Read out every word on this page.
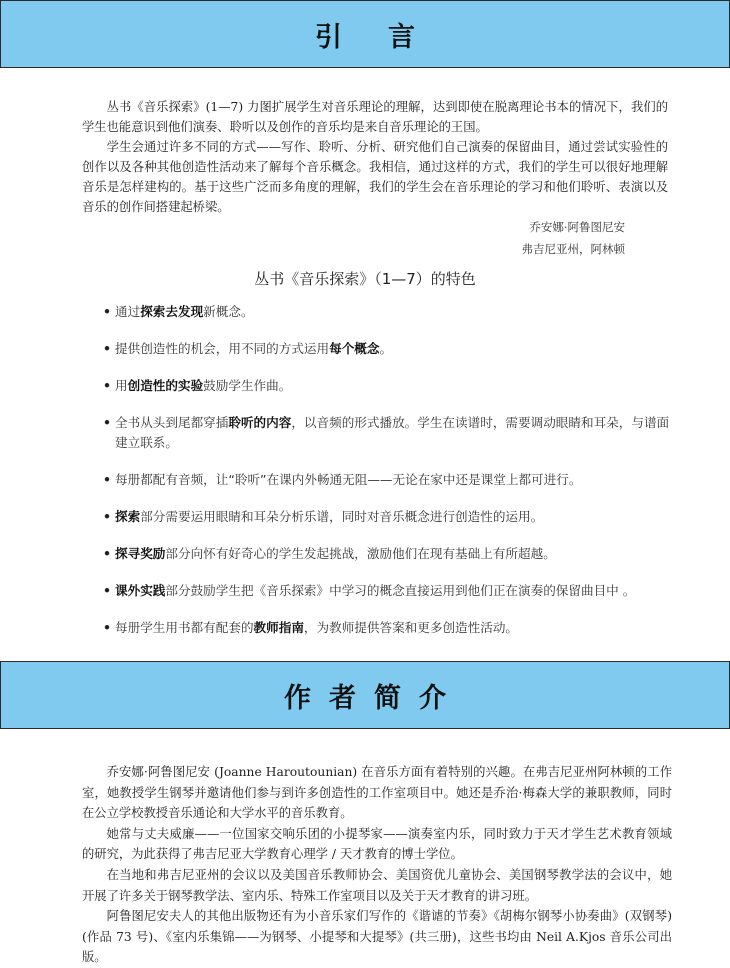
引言

丛书《音乐探索》(1—7) 力图扩展学生对音乐理论的理解，达到即使在脱离理论书本的情况下，我们的学生也能意识到他们演奏、聆听以及创作的音乐均是来自音乐理论的王国。

学生会通过许多不同的方式——写作、聆听、分析、研究他们自己演奏的保留曲目，通过尝试实验性的创作以及各种其他创造性活动来了解每个音乐概念。我相信，通过这样的方式，我们的学生可以很好地理解音乐是怎样建构的。基于这些广泛而多角度的理解，我们的学生会在音乐理论的学习和他们聆听、表演以及音乐的创作间搭建起桥梁。

乔安娜·阿鲁图尼安
弗吉尼亚州，阿林顿
丛书《音乐探索》（1—7）的特色
• 通过探索去发现新概念。
• 提供创造性的机会，用不同的方式运用每个概念。
• 用创造性的实验鼓励学生作曲。
• 全书从头到尾都穿插聆听的内容，以音频的形式播放。学生在读谱时，需要调动眼睛和耳朵，与谱面建立联系。
• 每册都配有音频，让“聆听”在课内外畅通无阻——无论在家中还是课堂上都可进行。
• 探索部分需要运用眼睛和耳朵分析乐谱，同时对音乐概念进行创造性的运用。
• 探寻奖励部分向怀有好奇心的学生发起挑战，激励他们在现有基础上有所超越。
• 课外实践部分鼓励学生把《音乐探索》中学习的概念直接运用到他们正在演奏的保留曲目中 。
• 每册学生用书都有配套的教师指南，为教师提供答案和更多创造性活动。
作者简介

乔安娜·阿鲁图尼安 (Joanne Haroutounian) 在音乐方面有着特别的兴趣。在弗吉尼亚州阿林顿的工作室，她教授学生钢琴并邀请他们参与到许多创造性的工作室项目中。她还是乔治·梅森大学的兼职教师，同时在公立学校教授音乐通论和大学水平的音乐教育。

她常与丈夫威廉——一位国家交响乐团的小提琴家——演奏室内乐，同时致力于天才学生艺术教育领域的研究，为此获得了弗吉尼亚大学教育心理学 / 天才教育的博士学位。

在当地和弗吉尼亚州的会议以及美国音乐教师协会、美国资优儿童协会、美国钢琴教学法的会议中，她开展了许多关于钢琴教学法、室内乐、特殊工作室项目以及关于天才教育的讲习班。

阿鲁图尼安夫人的其他出版物还有为小音乐家们写作的《谐谑的节奏》《胡梅尔钢琴小协奏曲》(双钢琴) (作品 73 号)、《室内乐集锦——为钢琴、小提琴和大提琴》(共三册)，这些书均由 Neil A.Kjos 音乐公司出版。
